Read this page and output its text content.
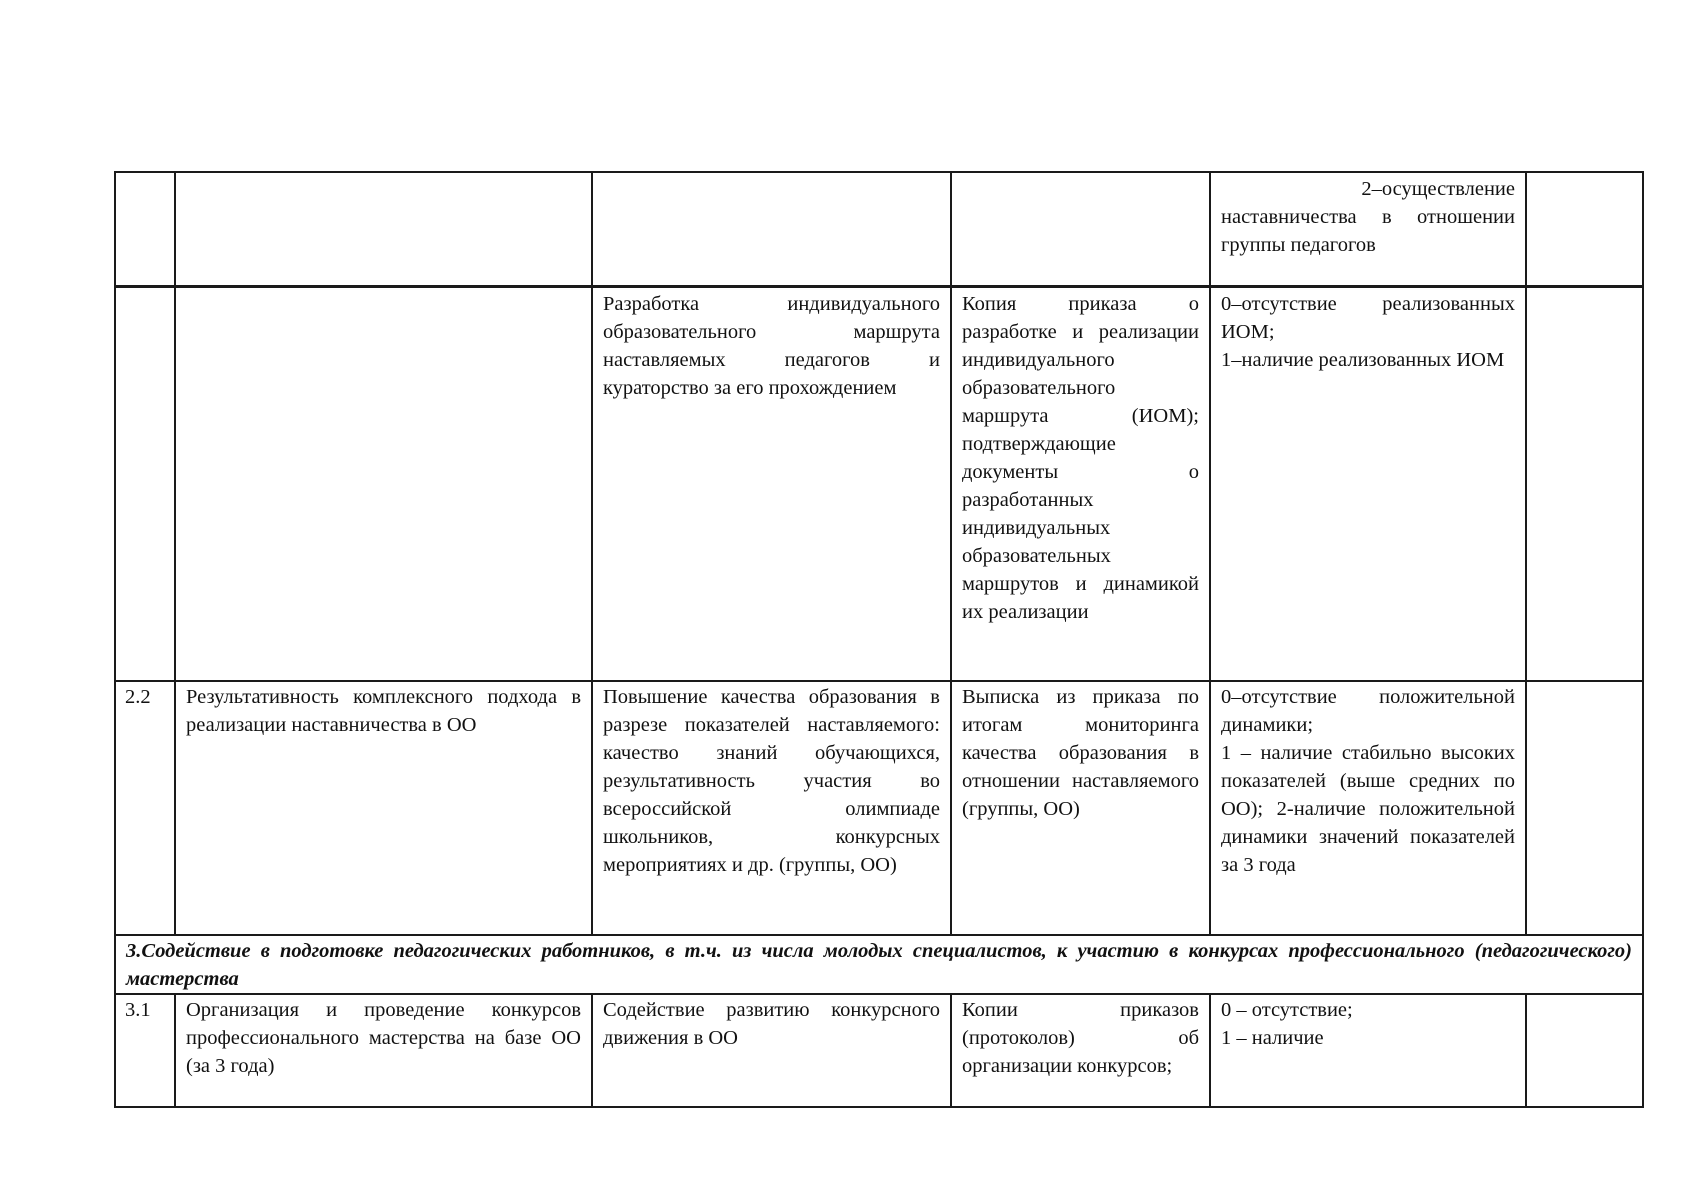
				2–осуществление наставничества в отношении группы педагогов	
		Разработка индивидуального образовательного маршрута наставляемых педагогов и кураторство за его прохождением	Копия приказа о разработке и реализации индивидуального образовательного маршрута (ИОМ); подтверждающие документы о разработанных индивидуальных образовательных маршрутов и динамикой их реализации	0–отсутствие реализованных ИОМ;
1–наличие реализованных ИОМ	

2.2	Результативность комплексного подхода в реализации наставничества в ОО	Повышение качества образования в разрезе показателей наставляемого: качество знаний обучающихся, результативность участия во всероссийской олимпиаде школьников, конкурсных мероприятиях и др. (группы, ОО)	Выписка из приказа по итогам мониторинга качества образования в отношении наставляемого (группы, ОО)	0–отсутствие положительной динамики;
1 – наличие стабильно высоких показателей (выше средних по ОО); 2-наличие положительной динамики значений показателей за 3 года	

3.Содействие в подготовке педагогических работников, в т.ч. из числа молодых специалистов, к участию в конкурсах профессионального (педагогического) мастерства					
3.1	Организация и проведение конкурсов профессионального мастерства на базе ОО (за 3 года)	Содействие развитию конкурсного движения в ОО	Копии приказов (протоколов) об организации конкурсов;	0 – отсутствие;
1 – наличие	
